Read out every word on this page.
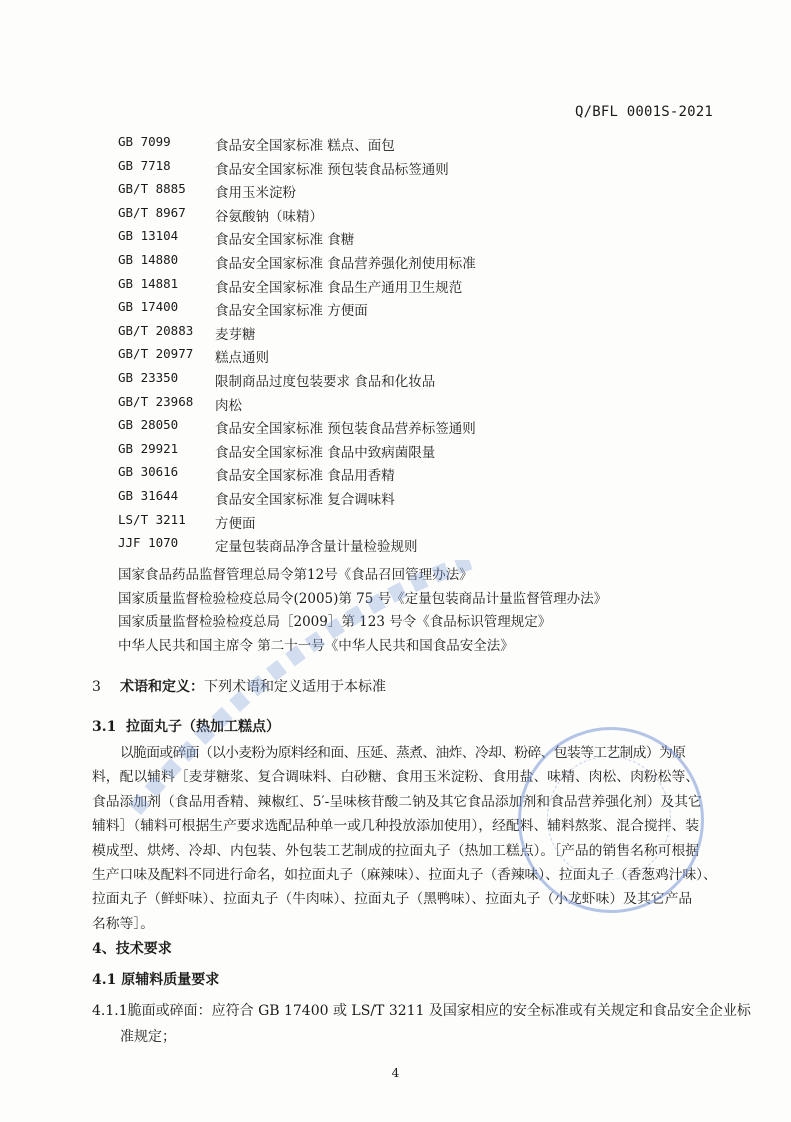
Q/BFL 0001S-2021
GB 7099	食品安全国家标准 糕点、面包
GB 7718	食品安全国家标准 预包装食品标签通则
GB/T 8885 食用玉米淀粉
GB/T 8967 谷氨酸钠（味精）
GB 13104	食品安全国家标准 食糖
GB 14880	食品安全国家标准 食品营养强化剂使用标准
GB 14881	食品安全国家标准 食品生产通用卫生规范
GB 17400	食品安全国家标准 方便面
GB/T 20883 麦芽糖
GB/T 20977 糕点通则
GB 23350	限制商品过度包装要求 食品和化妆品
GB/T 23968 肉松
GB 28050	食品安全国家标准 预包装食品营养标签通则
GB 29921	食品安全国家标准 食品中致病菌限量
GB 30616	食品安全国家标准 食品用香精
GB 31644	食品安全国家标准 复合调味料
LS/T 3211 方便面
JJF 1070	定量包装商品净含量计量检验规则
国家食品药品监督管理总局令第12号《食品召回管理办法》
国家质量监督检验检疫总局令(2005)第 75 号《定量包装商品计量监督管理办法》
国家质量监督检验检疫总局［2009］第 123 号令《食品标识管理规定》
中华人民共和国主席令 第二十一号《中华人民共和国食品安全法》
3 术语和定义：下列术语和定义适用于本标准
3.1 拉面丸子（热加工糕点）
以脆面或碎面（以小麦粉为原料经和面、压延、蒸煮、油炸、冷却、粉碎、包装等工艺制成）为原
料，配以辅料［麦芽糖浆、复合调味料、白砂糖、食用玉米淀粉、食用盐、味精、肉松、肉粉松等、
食品添加剂（食品用香精、辣椒红、5′-呈味核苷酸二钠及其它食品添加剂和食品营养强化剂）及其它
辅料］（辅料可根据生产要求选配品种单一或几种投放添加使用），经配料、辅料熬浆、混合搅拌、装
模成型、烘烤、冷却、内包装、外包装工艺制成的拉面丸子（热加工糕点）。［产品的销售名称可根据
生产口味及配料不同进行命名，如拉面丸子（麻辣味）、拉面丸子（香辣味）、拉面丸子（香葱鸡汁味）、
拉面丸子（鲜虾味）、拉面丸子（牛肉味）、拉面丸子（黑鸭味）、拉面丸子（小龙虾味）及其它产品
名称等］。
4、技术要求
4.1 原辅料质量要求
4.1.1脆面或碎面：应符合 GB 17400 或 LS/T 3211 及国家相应的安全标准或有关规定和食品安全企业标
准规定；
4
